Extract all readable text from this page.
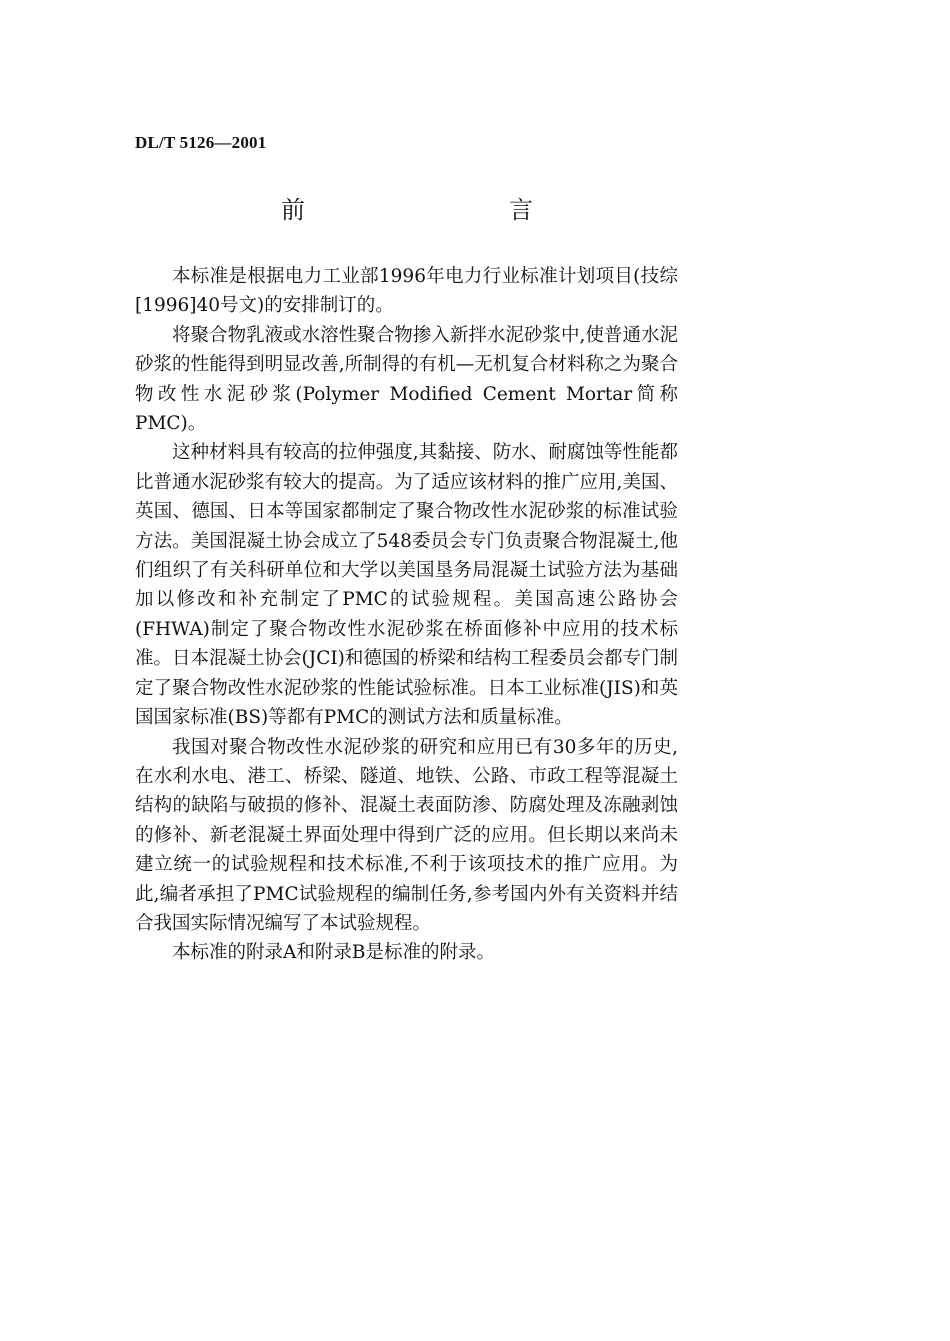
DL/T 5126—2001
前　　言

本标准是根据电力工业部1996年电力行业标准计划项目(技综[1996]40号文)的安排制订的。

将聚合物乳液或水溶性聚合物掺入新拌水泥砂浆中,使普通水泥砂浆的性能得到明显改善,所制得的有机—无机复合材料称之为聚合物改性水泥砂浆(Polymer Modified Cement Mortar简称PMC)。

这种材料具有较高的拉伸强度,其黏接、防水、耐腐蚀等性能都比普通水泥砂浆有较大的提高。为了适应该材料的推广应用,美国、英国、德国、日本等国家都制定了聚合物改性水泥砂浆的标准试验方法。美国混凝土协会成立了548委员会专门负责聚合物混凝土,他们组织了有关科研单位和大学以美国垦务局混凝土试验方法为基础加以修改和补充制定了PMC的试验规程。美国高速公路协会(FHWA)制定了聚合物改性水泥砂浆在桥面修补中应用的技术标准。日本混凝土协会(JCI)和德国的桥梁和结构工程委员会都专门制定了聚合物改性水泥砂浆的性能试验标准。日本工业标准(JIS)和英国国家标准(BS)等都有PMC的测试方法和质量标准。

我国对聚合物改性水泥砂浆的研究和应用已有30多年的历史,在水利水电、港工、桥梁、隧道、地铁、公路、市政工程等混凝土结构的缺陷与破损的修补、混凝土表面防渗、防腐处理及冻融剥蚀的修补、新老混凝土界面处理中得到广泛的应用。但长期以来尚未建立统一的试验规程和技术标准,不利于该项技术的推广应用。为此,编者承担了PMC试验规程的编制任务,参考国内外有关资料并结合我国实际情况编写了本试验规程。

本标准的附录A和附录B是标准的附录。
